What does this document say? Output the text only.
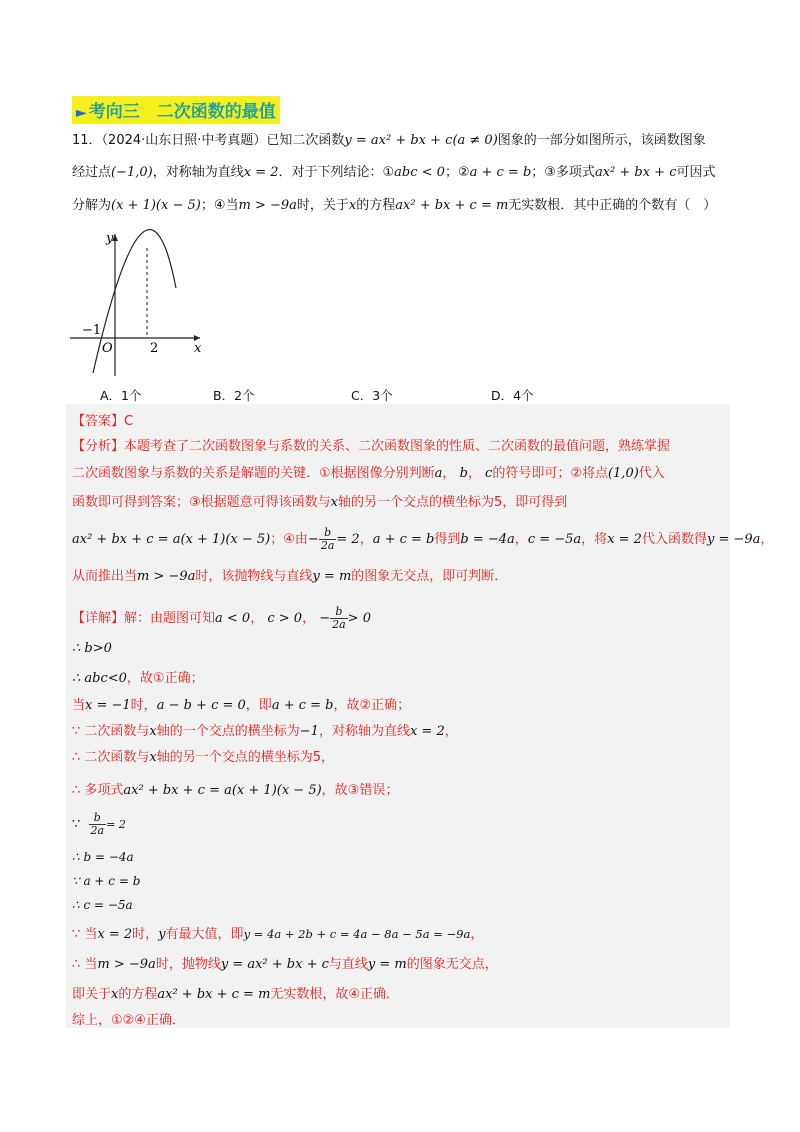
► 考向三　二次函数的最值
11．（2024·山东日照·中考真题）已知二次函数y = ax² + bx + c(a ≠ 0)图象的一部分如图所示，该函数图象
经过点(−1,0)，对称轴为直线x = 2．对于下列结论：①abc < 0；②a + c = b；③多项式ax² + bx + c可因式
分解为(x + 1)(x − 5)；④当m > −9a时，关于x的方程ax² + bx + c = m无实数根．其中正确的个数有（　）
y
x
O
−1
2
A．1个	B．2个	C．3个	D．4个
【答案】C
【分析】本题考查了二次函数图象与系数的关系、二次函数图象的性质、二次函数的最值问题，熟练掌握
二次函数图象与系数的关系是解题的关键．①根据图像分别判断a， b， c的符号即可；②将点(1,0)代入
函数即可得到答案；③根据题意可得该函数与x轴的另一个交点的横坐标为5，即可得到
ax² + bx + c = a(x + 1)(x − 5)；④由− $\frac{b}{2a} = 2$，a + c = b得到b = −4a，c = −5a，将x = 2代入函数得y = −9a，
从而推出当m > −9a时，该抛物线与直线y = m的图象无交点，即可判断．
【详解】解：由题图可知a < 0， c > 0， − $\frac{b}{2a} > 0$
∴ b>0
∴ abc<0，故①正确；
当x = −1时，a − b + c = 0，即a + c = b，故②正确；
∵ 二次函数与x轴的一个交点的横坐标为−1，对称轴为直线x = 2，
∴ 二次函数与x轴的另一个交点的横坐标为5，
∴ 多项式ax² + bx + c = a(x + 1)(x − 5)，故③错误；
∵ $\frac{b}{2a} = 2$
∴ b = −4a
∵ a + c = b
∴ c = −5a
∵ 当x = 2时，y有最大值，即y = 4a + 2b + c = 4a − 8a − 5a = −9a，
∴ 当m > −9a时，抛物线y = ax² + bx + c与直线y = m的图象无交点，
即关于x的方程ax² + bx + c = m无实数根，故④正确．
综上，①②④正确．
